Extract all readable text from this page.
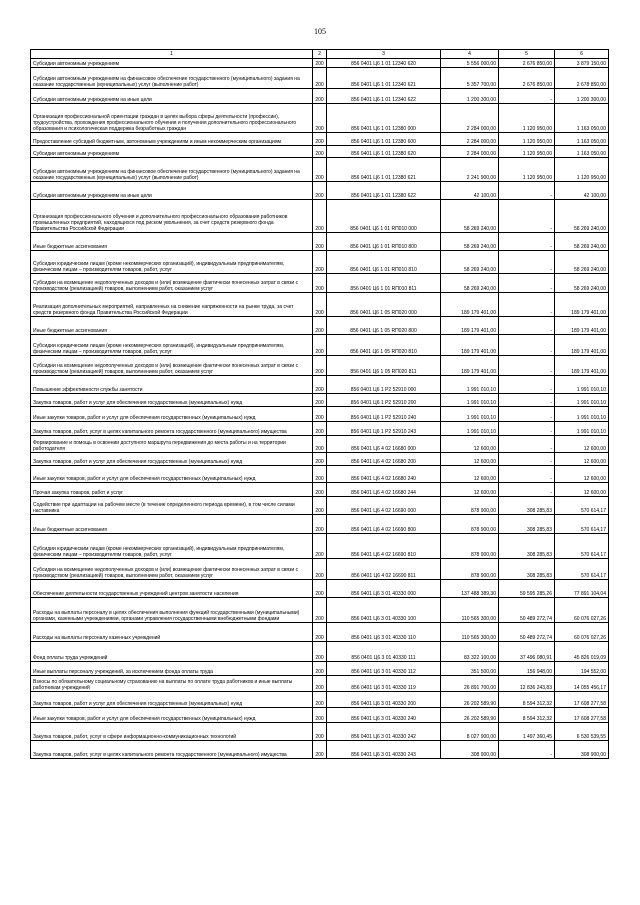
105
1	2	3	4	5	6
Субсидии автономным учреждениям	200	856 0401 Ц6 1 01 12340 620	5 556 000,00	2 676 850,00	3 879 150,00
Субсидии автономным учреждениям на финансовое обеспечение государственного (муниципального) задания на оказание государственных (муниципальных) услуг (выполнение работ)	200	856 0401 Ц6 1 01 12340 621	5 357 700,00	2 676 850,00	2 678 850,00
Субсидии автономным учреждениям на иные цели	200	856 0401 Ц6 1 01 12340 622	1 200 300,00	-	1 200 300,00
Организация профессиональной ориентации граждан в целях выбора сферы деятельности (профессии), трудоустройства, прохождения профессионального обучения и получения дополнительного профессионального образования и психологическая поддержка безработных граждан	200	856 0401 Ц6 1 01 12380 000	2 284 000,00	1 120 950,00	1 163 050,00
Предоставление субсидий бюджетным, автономным учреждениям и иным некоммерческим организациям	200	856 0401 Ц6 1 01 12380 600	2 284 000,00	1 120 950,00	1 163 050,00
Субсидии автономным учреждениям	200	856 0401 Ц6 1 01 12380 620	2 284 000,00	1 120 950,00	1 163 050,00
Субсидии автономным учреждениям на финансовое обеспечение государственного (муниципального) задания на оказание государственных (муниципальных) услуг (выполнение работ)	200	856 0401 Ц6 1 01 12380 621	2 241 900,00	1 120 950,00	1 120 950,00
Субсидии автономным учреждениям на иные цели	200	856 0401 Ц6 1 01 12380 622	42 100,00	-	42 100,00
Организация профессионального обучения и дополнительного профессионального образования работников промышленных предприятий, находящихся под риском увольнения, за счет средств резервного фонда Правительства Российской Федерации	200	856 0401 Ц6 1 01 RП010 000	58 269 240,00	-	58 269 240,00
Иные бюджетные ассигнования	200	856 0401 Ц6 1 01 RП010 800	58 269 240,00	-	58 269 240,00
Субсидии юридическим лицам (кроме некоммерческих организаций), индивидуальным предпринимателям, физическим лицам – производителям товаров, работ, услуг	200	856 0401 Ц6 1 01 RП010 810	58 269 240,00	-	58 269 240,00
Субсидии на возмещение недополученных доходов и (или) возмещение фактически понесенных затрат в связи с производством (реализацией) товаров, выполнением работ, оказанием услуг	200	856 0401 Ц6 1 01 RП010 811	58 269 240,00	-	58 269 240,00
Реализация дополнительных мероприятий, направленных на снижение напряженности на рынке труда, за счет средств резервного фонда Правительства Российской Федерации	200	856 0401 Ц6 1 05 RП020 000	189 179 401,00	-	189 179 401,00
Иные бюджетные ассигнования	200	856 0401 Ц6 1 05 RП020 800	189 179 401,00	-	189 179 401,00
Субсидии юридическим лицам (кроме некоммерческих организаций), индивидуальным предпринимателям, физическим лицам – производителям товаров, работ, услуг	200	856 0401 Ц6 1 05 RП020 810	189 179 401,00	-	189 179 401,00
Субсидии на возмещение недополученных доходов и (или) возмещение фактически понесенных затрат в связи с производством (реализацией) товаров, выполнением работ, оказанием услуг	200	856 0401 Ц6 1 05 RП020 811	189 179 401,00	-	189 179 401,00
Повышение эффективности службы занятости	200	856 0401 Ц6 1 P2 52910 000	1 991 010,10	-	1 991 010,10
Закупка товаров, работ и услуг для обеспечения государственных (муниципальных) нужд	200	856 0401 Ц6 1 P2 52910 200	1 991 010,10	-	1 991 010,10
Иные закупки товаров, работ и услуг для обеспечения государственных (муниципальных) нужд	200	856 0401 Ц6 1 P2 52910 240	1 991 010,10	-	1 991 010,10
Закупка товаров, работ, услуг в целях капитального ремонта государственного (муниципального) имущества	200	856 0401 Ц6 1 P2 52910 243	1 991 010,10	-	1 991 010,10
Формирование и помощь в освоении доступного маршрута передвижения до места работы и на территории работодателя	200	856 0401 Ц6 4 02 16680 000	12 600,00	-	12 600,00
Закупка товаров, работ и услуг для обеспечения государственных (муниципальных) нужд	200	856 0401 Ц6 4 02 16680 200	12 600,00	-	12 600,00
Иные закупки товаров, работ и услуг для обеспечения государственных (муниципальных) нужд	200	856 0401 Ц6 4 02 16680 240	12 600,00	-	12 600,00
Прочая закупка товаров, работ и услуг	200	856 0401 Ц6 4 02 16680 244	12 600,00	-	12 600,00
Содействие при адаптации на рабочем месте (в течение определенного периода времени), в том числе силами наставника	200	856 0401 Ц6 4 02 16690 000	878 900,00	308 285,83	570 614,17
Иные бюджетные ассигнования	200	856 0401 Ц6 4 02 16690 800	878 900,00	308 285,83	570 614,17
Субсидии юридическим лицам (кроме некоммерческих организаций), индивидуальным предпринимателям, физическим лицам – производителям товаров, работ, услуг	200	856 0401 Ц6 4 02 16690 810	878 900,00	308 285,83	570 614,17
Субсидии на возмещение недополученных доходов и (или) возмещение фактически понесенных затрат в связи с производством (реализацией) товаров, выполнением работ, оказанием услуг	200	856 0401 Ц6 4 02 16690 811	878 900,00	308 285,83	570 614,17
Обеспечение деятельности государственных учреждений центров занятости населения	200	856 0401 Ц6 3 01 40330 000	137 488 389,30	59 595 285,26	77 891 104,04
Расходы на выплаты персоналу в целях обеспечения выполнения функций государственными (муниципальными) органами, казенными учреждениями, органами управления государственными внебюджетными фондами	200	856 0401 Ц6 3 01 40330 100	110 565 300,00	50 489 272,74	60 076 027,26
Расходы на выплаты персоналу казенных учреждений	200	856 0401 Ц6 3 01 40330 110	110 565 300,00	50 489 272,74	60 076 027,26
Фонд оплаты труда учреждений	200	856 0401 Ц6 3 01 40330 111	83 322 100,00	37 496 080,91	45 826 019,09
Иные выплаты персоналу учреждений, за исключением фонда оплаты труда	200	856 0401 Ц6 3 01 40330 112	351 500,00	156 948,00	194 552,00
Взносы по обязательному социальному страхованию на выплаты по оплате труда работников и иные выплаты работникам учреждений	200	856 0401 Ц6 3 01 40330 119	26 891 700,00	12 836 243,83	14 055 456,17
Закупка товаров, работ и услуг для обеспечения государственных (муниципальных) нужд	200	856 0401 Ц6 3 01 40330 200	26 202 589,90	8 594 312,32	17 608 277,58
Иные закупки товаров, работ и услуг для обеспечения государственных (муниципальных) нужд	200	856 0401 Ц6 3 01 40330 240	26 202 589,90	8 594 312,32	17 608 277,58
Закупка товаров, работ, услуг в сфере информационно-коммуникационных технологий	200	856 0401 Ц6 3 01 40330 242	8 027 900,00	1 497 360,45	6 530 539,55
Закупка товаров, работ, услуг в целях капитального ремонта государственного (муниципального) имущества	200	856 0401 Ц6 3 01 40330 243	308 900,00	-	308 900,00
